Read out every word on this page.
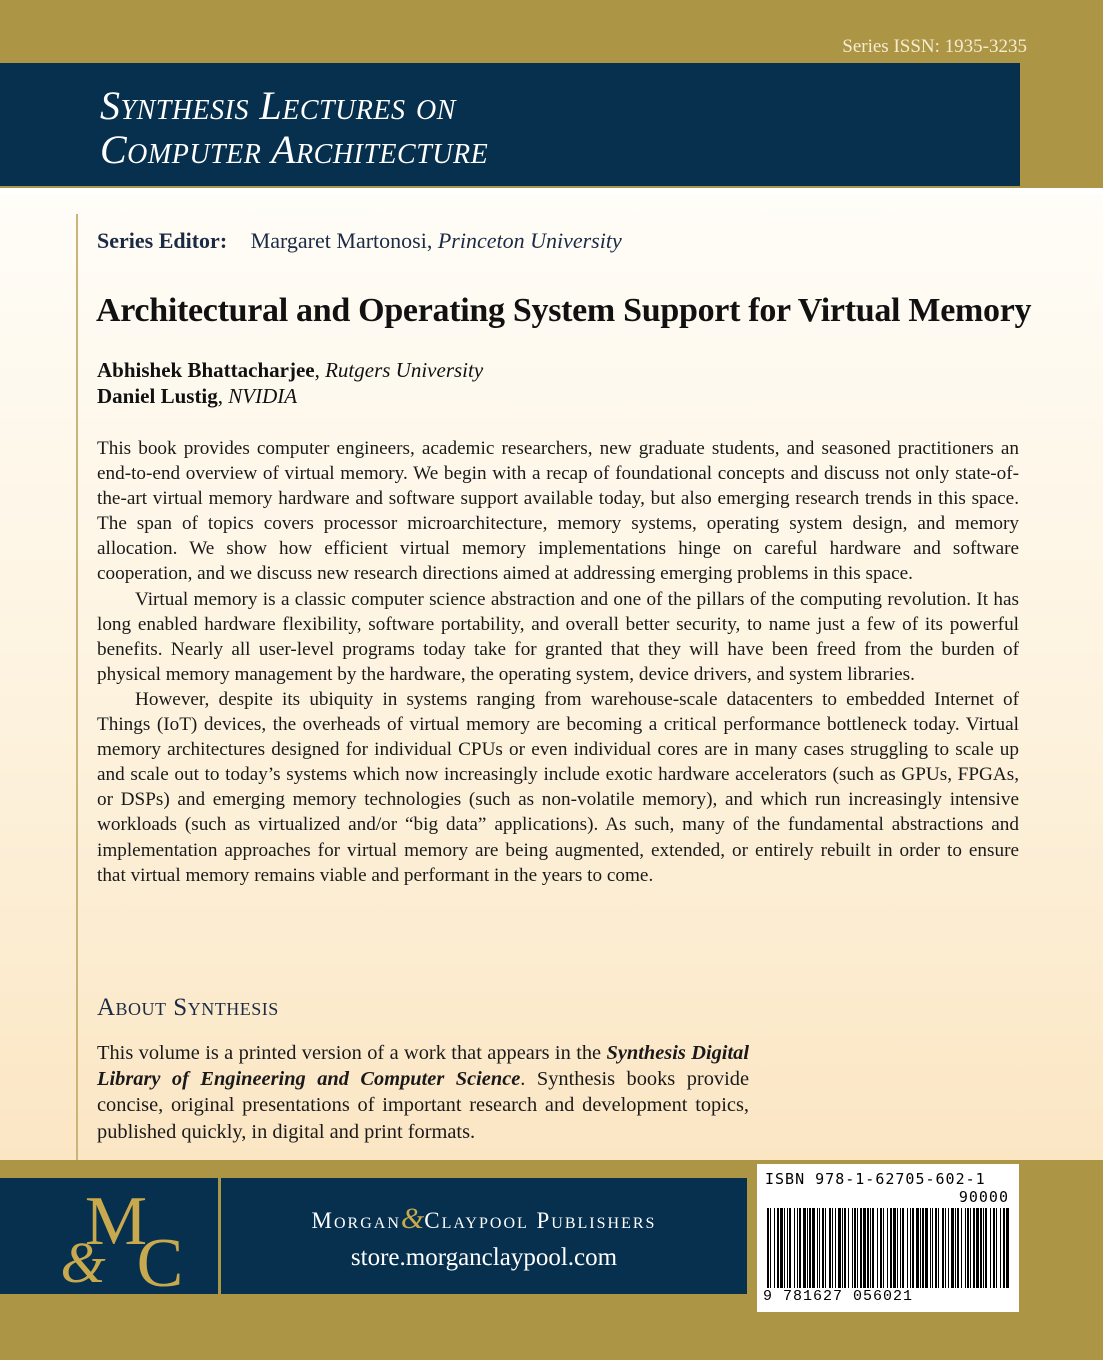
Series ISSN: 1935-3235
Synthesis Lectures on
Computer Architecture
Series Editor: Margaret Martonosi, Princeton University
Architectural and Operating System Support for Virtual Memory
Abhishek Bhattacharjee, Rutgers University
Daniel Lustig, NVIDIA

This book provides computer engineers, academic researchers, new graduate students, and seasoned practitioners an end-to-end overview of virtual memory. We begin with a recap of foundational concepts and discuss not only state-of-the-art virtual memory hardware and software support available today, but also emerging research trends in this space. The span of topics covers processor microarchitecture, memory systems, operating system design, and memory allocation. We show how efficient virtual memory implementations hinge on careful hardware and software cooperation, and we discuss new research directions aimed at addressing emerging problems in this space.

Virtual memory is a classic computer science abstraction and one of the pillars of the computing revolution. It has long enabled hardware flexibility, software portability, and overall better security, to name just a few of its powerful benefits. Nearly all user-level programs today take for granted that they will have been freed from the burden of physical memory management by the hardware, the operating system, device drivers, and system libraries.

However, despite its ubiquity in systems ranging from warehouse-scale datacenters to embedded Internet of Things (IoT) devices, the overheads of virtual memory are becoming a critical performance bottleneck today. Virtual memory architectures designed for individual CPUs or even individual cores are in many cases struggling to scale up and scale out to today’s systems which now increasingly include exotic hardware accelerators (such as GPUs, FPGAs, or DSPs) and emerging memory technologies (such as non-volatile memory), and which run increasingly intensive workloads (such as virtualized and/or “big data” applications). As such, many of the fundamental abstractions and implementation approaches for virtual memory are being augmented, extended, or entirely rebuilt in order to ensure that virtual memory remains viable and performant in the years to come.

About Synthesis
This volume is a printed version of a work that appears in the Synthesis Digital Library of Engineering and Computer Science. Synthesis books provide concise, original presentations of important research and development topics, published quickly, in digital and print formats.
M
& C
Morgan&Claypool Publishers
store.morganclaypool.com
ISBN 978-1-62705-602-1
90000
9 781627 056021
